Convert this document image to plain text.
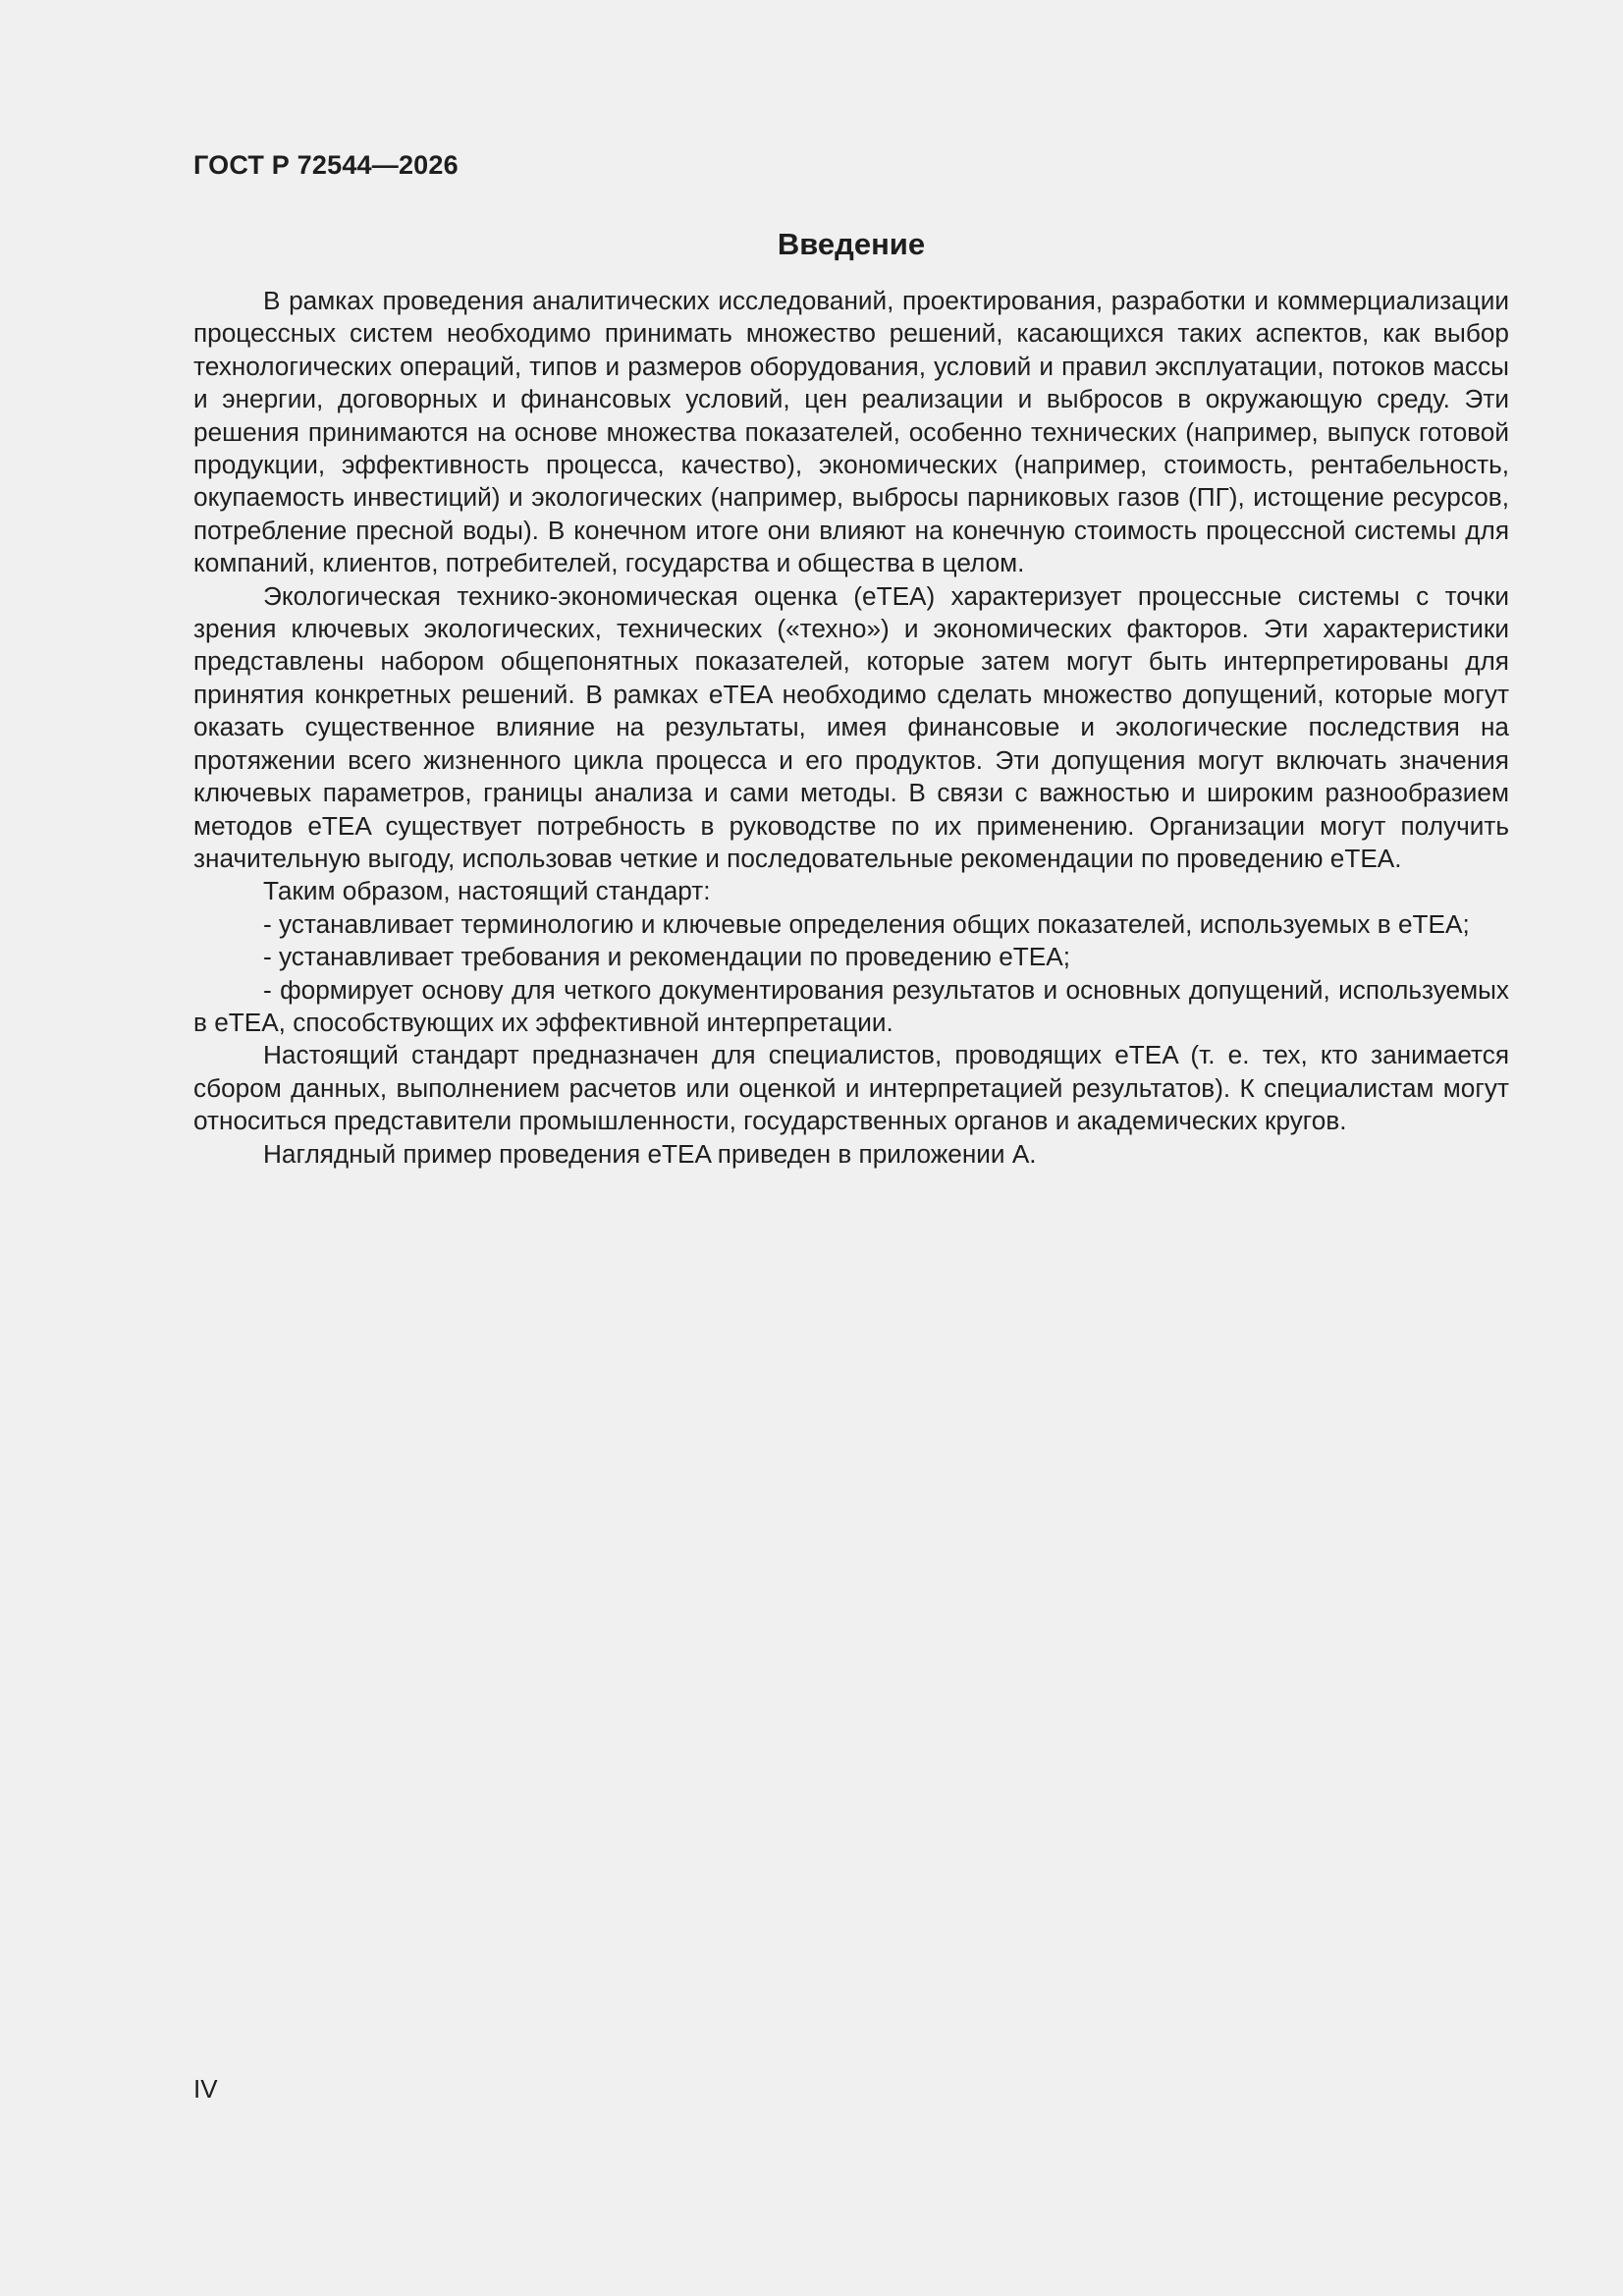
ГОСТ Р 72544—2026
Введение

В рамках проведения аналитических исследований, проектирования, разработки и коммерциализации процессных систем необходимо принимать множество решений, касающихся таких аспектов, как выбор технологических операций, типов и размеров оборудования, условий и правил эксплуатации, потоков массы и энергии, договорных и финансовых условий, цен реализации и выбросов в окружающую среду. Эти решения принимаются на основе множества показателей, особенно технических (например, выпуск готовой продукции, эффективность процесса, качество), экономических (например, стоимость, рентабельность, окупаемость инвестиций) и экологических (например, выбросы парниковых газов (ПГ), истощение ресурсов, потребление пресной воды). В конечном итоге они влияют на конечную стоимость процессной системы для компаний, клиентов, потребителей, государства и общества в целом.

Экологическая технико-экономическая оценка (eTEA) характеризует процессные системы с точки зрения ключевых экологических, технических («техно») и экономических факторов. Эти характеристики представлены набором общепонятных показателей, которые затем могут быть интерпретированы для принятия конкретных решений. В рамках eTEA необходимо сделать множество допущений, которые могут оказать существенное влияние на результаты, имея финансовые и экологические последствия на протяжении всего жизненного цикла процесса и его продуктов. Эти допущения могут включать значения ключевых параметров, границы анализа и сами методы. В связи с важностью и широким разнообразием методов eTEA существует потребность в руководстве по их применению. Организации могут получить значительную выгоду, использовав четкие и последовательные рекомендации по проведению eTEA.

Таким образом, настоящий стандарт:

- устанавливает терминологию и ключевые определения общих показателей, используемых в eTEA;

- устанавливает требования и рекомендации по проведению eTEA;

- формирует основу для четкого документирования результатов и основных допущений, используемых в eTEA, способствующих их эффективной интерпретации.

Настоящий стандарт предназначен для специалистов, проводящих eTEA (т. е. тех, кто занимается сбором данных, выполнением расчетов или оценкой и интерпретацией результатов). К специалистам могут относиться представители промышленности, государственных органов и академических кругов.

Наглядный пример проведения eTEA приведен в приложении А.

IV
